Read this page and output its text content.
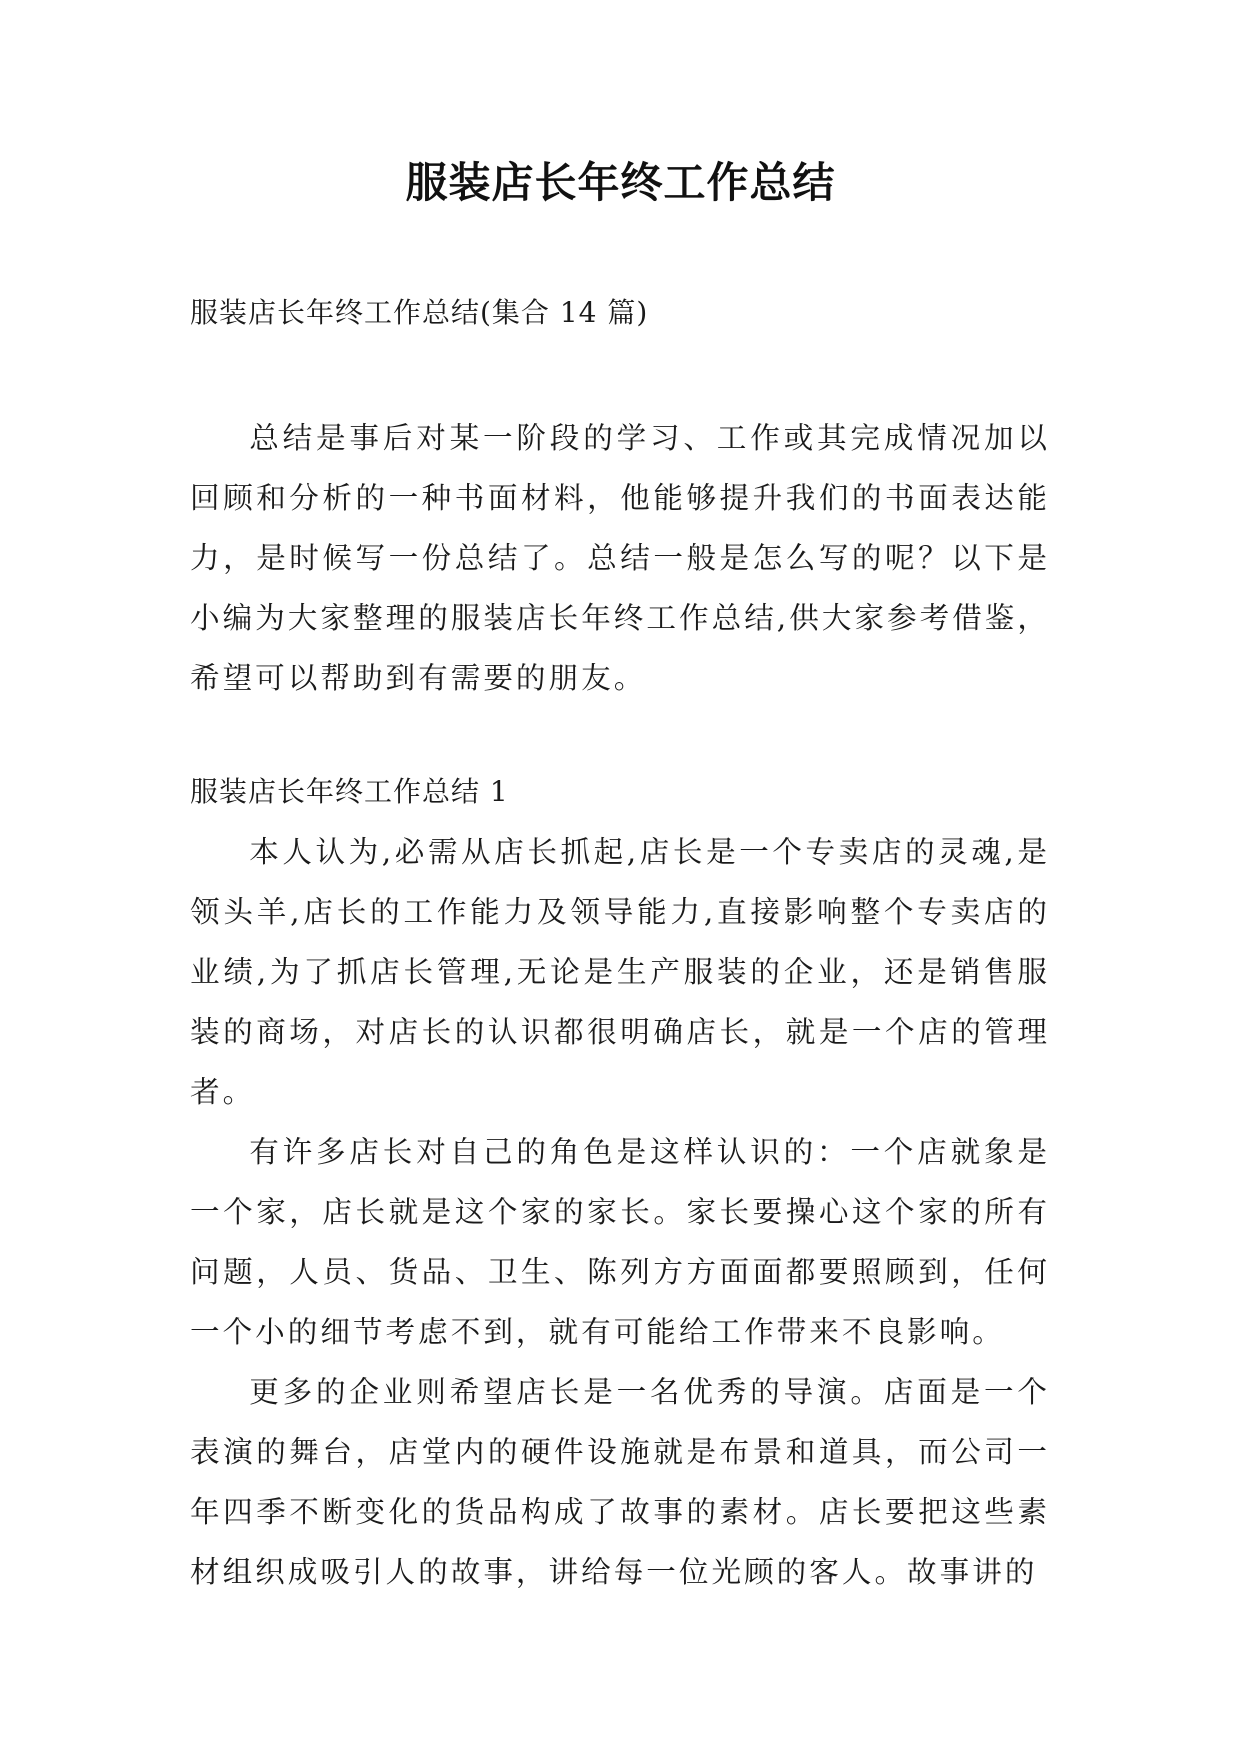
服装店长年终工作总结

服装店长年终工作总结(集合 14 篇)

总结是事后对某一阶段的学习、工作或其完成情况加以回顾和分析的一种书面材料，他能够提升我们的书面表达能力，是时候写一份总结了。总结一般是怎么写的呢？以下是小编为大家整理的服装店长年终工作总结,供大家参考借鉴，希望可以帮助到有需要的朋友。

服装店长年终工作总结 1

本人认为,必需从店长抓起,店长是一个专卖店的灵魂,是领头羊,店长的工作能力及领导能力,直接影响整个专卖店的业绩,为了抓店长管理,无论是生产服装的企业，还是销售服装的商场，对店长的认识都很明确店长，就是一个店的管理者。

有许多店长对自己的角色是这样认识的：一个店就象是一个家，店长就是这个家的家长。家长要操心这个家的所有问题，人员、货品、卫生、陈列方方面面都要照顾到，任何一个小的细节考虑不到，就有可能给工作带来不良影响。

更多的企业则希望店长是一名优秀的导演。店面是一个表演的舞台，店堂内的硬件设施就是布景和道具，而公司一年四季不断变化的货品构成了故事的素材。店长要把这些素材组织成吸引人的故事，讲给每一位光顾的客人。故事讲的
